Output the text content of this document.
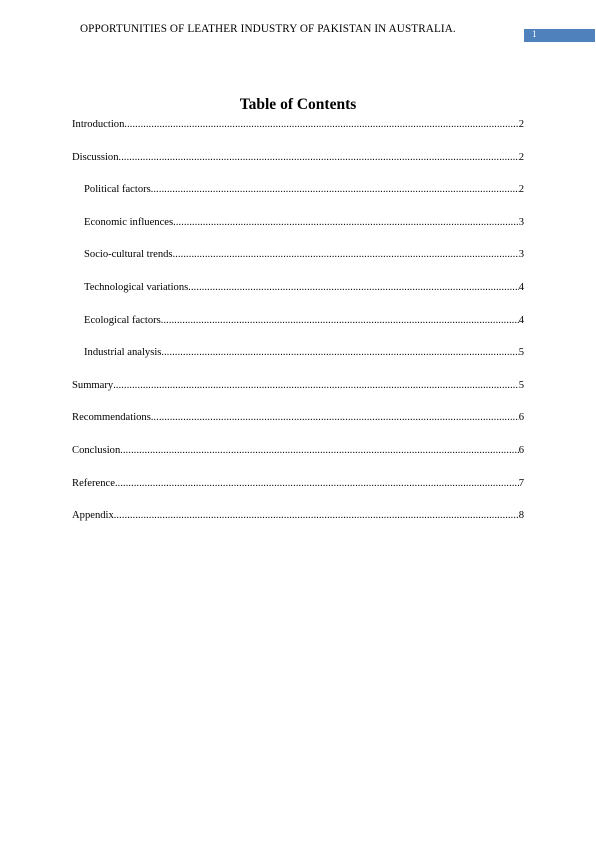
OPPORTUNITIES OF LEATHER INDUSTRY OF PAKISTAN IN AUSTRALIA.	1
Table of Contents
Introduction .....	2
Discussion .....	2
Political factors .....	2
Economic influences .....	3
Socio-cultural trends .....	3
Technological variations .....	4
Ecological factors .....	4
Industrial analysis .....	5
Summary .....	5
Recommendations .....	6
Conclusion .....	6
Reference .....	7
Appendix .....	8
